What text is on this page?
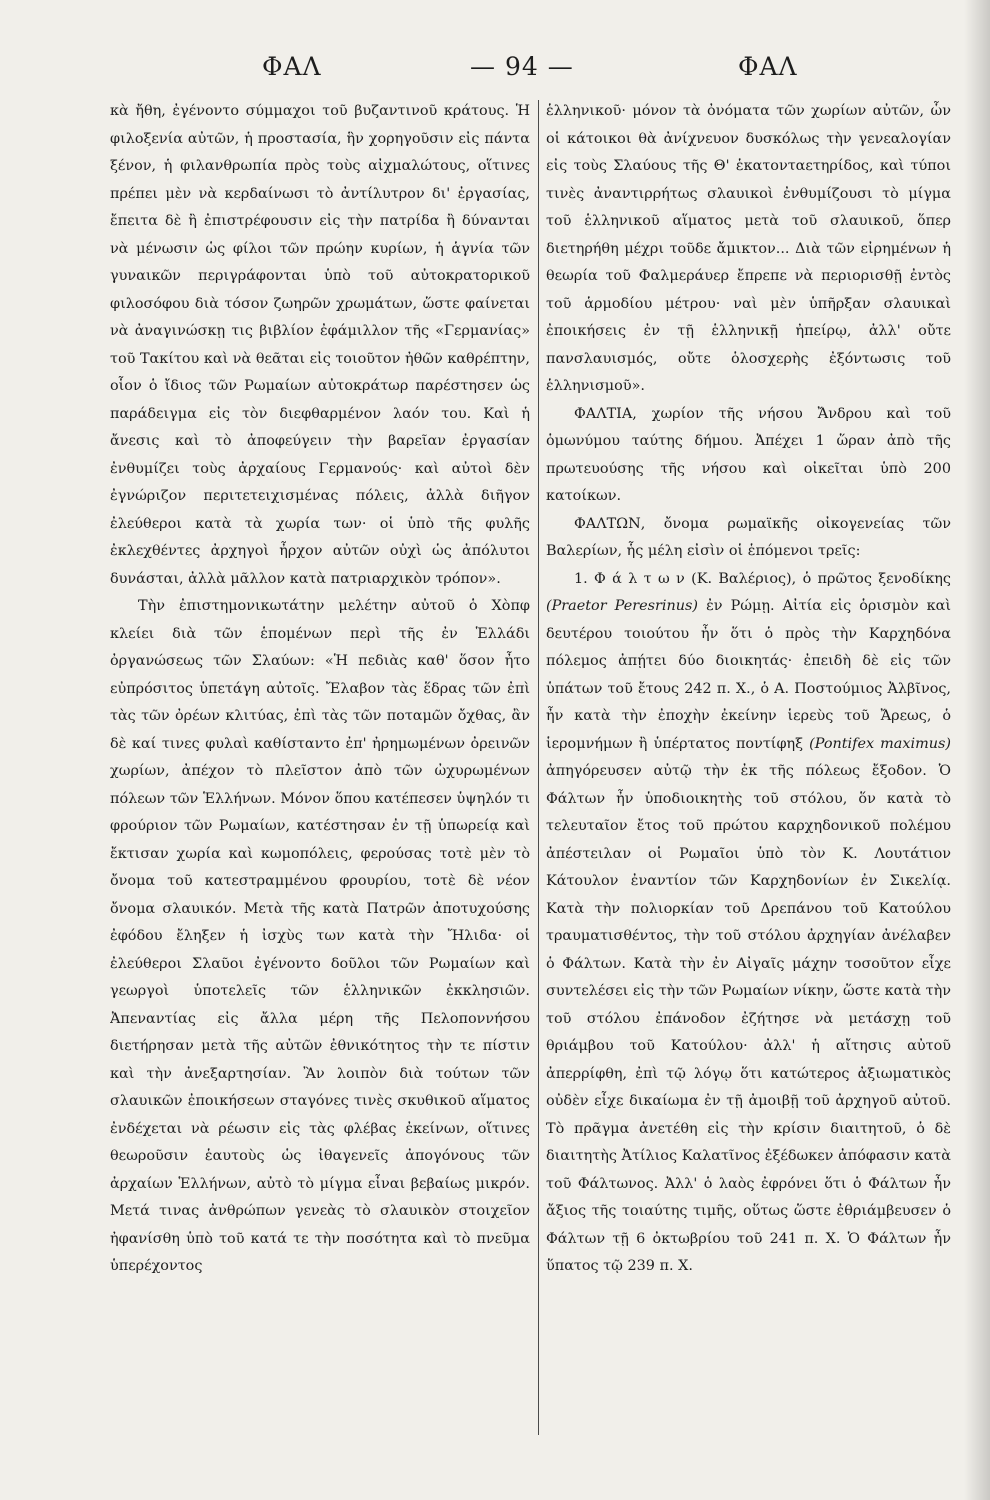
ΦΑΛ	— 94 —	ΦΑΛ

κὰ ἤθη, ἐγένοντο σύμμαχοι τοῦ βυζαντινοῦ κράτους. Ἡ φιλοξενία αὐτῶν, ἡ προστασία, ἣν χορηγοῦσιν εἰς πάντα ξένον, ἡ φιλανθρωπία πρὸς τοὺς αἰχμαλώτους, οἵτινες πρέπει μὲν νὰ κερδαίνωσι τὸ ἀντίλυτρον δι' ἐργασίας, ἔπειτα δὲ ἢ ἐπιστρέφουσιν εἰς τὴν πατρίδα ἢ δύνανται νὰ μένωσιν ὡς φίλοι τῶν πρώην κυρίων, ἡ ἁγνία τῶν γυναικῶν περιγράφονται ὑπὸ τοῦ αὐτοκρατορικοῦ φιλοσόφου διὰ τόσον ζωηρῶν χρωμάτων, ὥστε φαίνεται νὰ ἀναγινώσκῃ τις βιβλίον ἐφάμιλλον τῆς «Γερμανίας» τοῦ Τακίτου καὶ νὰ θεᾶται εἰς τοιοῦτον ἠθῶν καθρέπτην, οἷον ὁ ἴδιος τῶν Ρωμαίων αὐτοκράτωρ παρέστησεν ὡς παράδειγμα εἰς τὸν διεφθαρμένον λαόν του. Καὶ ἡ ἄνεσις καὶ τὸ ἀποφεύγειν τὴν βαρεῖαν ἐργασίαν ἐνθυμίζει τοὺς ἀρχαίους Γερμανούς· καὶ αὐτοὶ δὲν ἐγνώριζον περιτετειχισμένας πόλεις, ἀλλὰ διῆγον ἐλεύθεροι κατὰ τὰ χωρία των· οἱ ὑπὸ τῆς φυλῆς ἐκλεχθέντες ἀρχηγοὶ ἦρχον αὐτῶν οὐχὶ ὡς ἀπόλυτοι δυνάσται, ἀλλὰ μᾶλλον κατὰ πατριαρχικὸν τρόπον».

Τὴν ἐπιστημονικωτάτην μελέτην αὐτοῦ ὁ Χὸπφ κλείει διὰ τῶν ἑπομένων περὶ τῆς ἐν Ἑλλάδι ὀργανώσεως τῶν Σλαύων: «Ἡ πεδιὰς καθ' ὅσον ἦτο εὐπρόσιτος ὑπετάγη αὐτοῖς. Ἔλαβον τὰς ἕδρας τῶν ἐπὶ τὰς τῶν ὀρέων κλιτύας, ἐπὶ τὰς τῶν ποταμῶν ὄχθας, ἂν δὲ καί τινες φυλαὶ καθίσταντο ἐπ' ἠρημωμένων ὀρεινῶν χωρίων, ἀπέχον τὸ πλεῖστον ἀπὸ τῶν ὠχυρωμένων πόλεων τῶν Ἑλλήνων. Μόνον ὅπου κατέπεσεν ὑψηλόν τι φρούριον τῶν Ρωμαίων, κατέστησαν ἐν τῇ ὑπωρείᾳ καὶ ἔκτισαν χωρία καὶ κωμοπόλεις, φερούσας τοτὲ μὲν τὸ ὄνομα τοῦ κατεστραμμένου φρουρίου, τοτὲ δὲ νέον ὄνομα σλαυικόν. Μετὰ τῆς κατὰ Πατρῶν ἀποτυχούσης ἐφόδου ἔληξεν ἡ ἰσχὺς των κατὰ τὴν Ἤλιδα· οἱ ἐλεύθεροι Σλαῦοι ἐγένοντο δοῦλοι τῶν Ρωμαίων καὶ γεωργοὶ ὑποτελεῖς τῶν ἑλληνικῶν ἐκκλησιῶν. Ἀπεναντίας εἰς ἄλλα μέρη τῆς Πελοποννήσου διετήρησαν μετὰ τῆς αὐτῶν ἐθνικότητος τὴν τε πίστιν καὶ τὴν ἀνεξαρτησίαν. Ἂν λοιπὸν διὰ τούτων τῶν σλαυικῶν ἐποικήσεων σταγόνες τινὲς σκυθικοῦ αἵματος ἐνδέχεται νὰ ρέωσιν εἰς τὰς φλέβας ἐκείνων, οἵτινες θεωροῦσιν ἑαυτοὺς ὡς ἰθαγενεῖς ἀπογόνους τῶν ἀρχαίων Ἑλλήνων, αὐτὸ τὸ μίγμα εἶναι βεβαίως μικρόν. Μετά τινας ἀνθρώπων γενεὰς τὸ σλαυικὸν στοιχεῖον ἠφανίσθη ὑπὸ τοῦ κατά τε τὴν ποσότητα καὶ τὸ πνεῦμα ὑπερέχοντος

ἑλληνικοῦ· μόνον τὰ ὀνόματα τῶν χωρίων αὐτῶν, ὧν οἱ κάτοικοι θὰ ἀνίχνευον δυσκόλως τὴν γενεαλογίαν εἰς τοὺς Σλαύους τῆς Θ' ἑκατονταετηρίδος, καὶ τύποι τινὲς ἀναντιρρήτως σλαυικοὶ ἐνθυμίζουσι τὸ μίγμα τοῦ ἑλληνικοῦ αἵματος μετὰ τοῦ σλαυικοῦ, ὅπερ διετηρήθη μέχρι τοῦδε ἄμικτον... Διὰ τῶν εἰρημένων ἡ θεωρία τοῦ Φαλμεράυερ ἔπρεπε νὰ περιορισθῇ ἐντὸς τοῦ ἁρμοδίου μέτρου· ναὶ μὲν ὑπῆρξαν σλαυικαὶ ἐποικήσεις ἐν τῇ ἑλληνικῇ ἠπείρῳ, ἀλλ' οὔτε πανσλαυισμός, οὔτε ὁλοσχερὴς ἐξόντωσις τοῦ ἑλληνισμοῦ».

ΦΑΛΤΙΑ, χωρίον τῆς νήσου Ἄνδρου καὶ τοῦ ὁμωνύμου ταύτης δήμου. Ἀπέχει 1 ὥραν ἀπὸ τῆς πρωτευούσης τῆς νήσου καὶ οἰκεῖται ὑπὸ 200 κατοίκων.

ΦΑΛΤΩΝ, ὄνομα ρωμαϊκῆς οἰκογενείας τῶν Βαλερίων, ἧς μέλη εἰσὶν οἱ ἑπόμενοι τρεῖς:

1. Φ ά λ τ ω ν (Κ. Βαλέριος), ὁ πρῶτος ξενοδίκης (Praetor Peresrinus) ἐν Ρώμῃ. Αἰτία εἰς ὁρισμὸν καὶ δευτέρου τοιούτου ἦν ὅτι ὁ πρὸς τὴν Καρχηδόνα πόλεμος ἀπῄτει δύο διοικητάς· ἐπειδὴ δὲ εἰς τῶν ὑπάτων τοῦ ἔτους 242 π. Χ., ὁ Α. Ποστούμιος Ἀλβῖνος, ἦν κατὰ τὴν ἐποχὴν ἐκείνην ἱερεὺς τοῦ Ἄρεως, ὁ ἱερομνήμων ἢ ὑπέρτατος ποντίφηξ (Pontifex maximus) ἀπηγόρευσεν αὐτῷ τὴν ἐκ τῆς πόλεως ἔξοδον. Ὁ Φάλτων ἦν ὑποδιοικητὴς τοῦ στόλου, ὅν κατὰ τὸ τελευταῖον ἔτος τοῦ πρώτου καρχηδονικοῦ πολέμου ἀπέστειλαν οἱ Ρωμαῖοι ὑπὸ τὸν Κ. Λουτάτιον Κάτουλον ἐναντίον τῶν Καρχηδονίων ἐν Σικελίᾳ. Κατὰ τὴν πολιορκίαν τοῦ Δρεπάνου τοῦ Κατούλου τραυματισθέντος, τὴν τοῦ στόλου ἀρχηγίαν ἀνέλαβεν ὁ Φάλτων. Κατὰ τὴν ἐν Αἰγαῖς μάχην τοσοῦτον εἶχε συντελέσει εἰς τὴν τῶν Ρωμαίων νίκην, ὥστε κατὰ τὴν τοῦ στόλου ἐπάνοδον ἐζήτησε νὰ μετάσχῃ τοῦ θριάμβου τοῦ Κατούλου· ἀλλ' ἡ αἴτησις αὐτοῦ ἀπερρίφθη, ἐπὶ τῷ λόγῳ ὅτι κατώτερος ἀξιωματικὸς οὐδὲν εἶχε δικαίωμα ἐν τῇ ἀμοιβῇ τοῦ ἀρχηγοῦ αὐτοῦ. Τὸ πρᾶγμα ἀνετέθη εἰς τὴν κρίσιν διαιτητοῦ, ὁ δὲ διαιτητὴς Ἀτίλιος Καλατῖνος ἐξέδωκεν ἀπόφασιν κατὰ τοῦ Φάλτωνος. Ἀλλ' ὁ λαὸς ἐφρόνει ὅτι ὁ Φάλτων ἦν ἄξιος τῆς τοιαύτης τιμῆς, οὕτως ὥστε ἐθριάμβευσεν ὁ Φάλτων τῇ 6 ὀκτωβρίου τοῦ 241 π. Χ. Ὁ Φάλτων ἦν ὕπατος τῷ 239 π. Χ.
